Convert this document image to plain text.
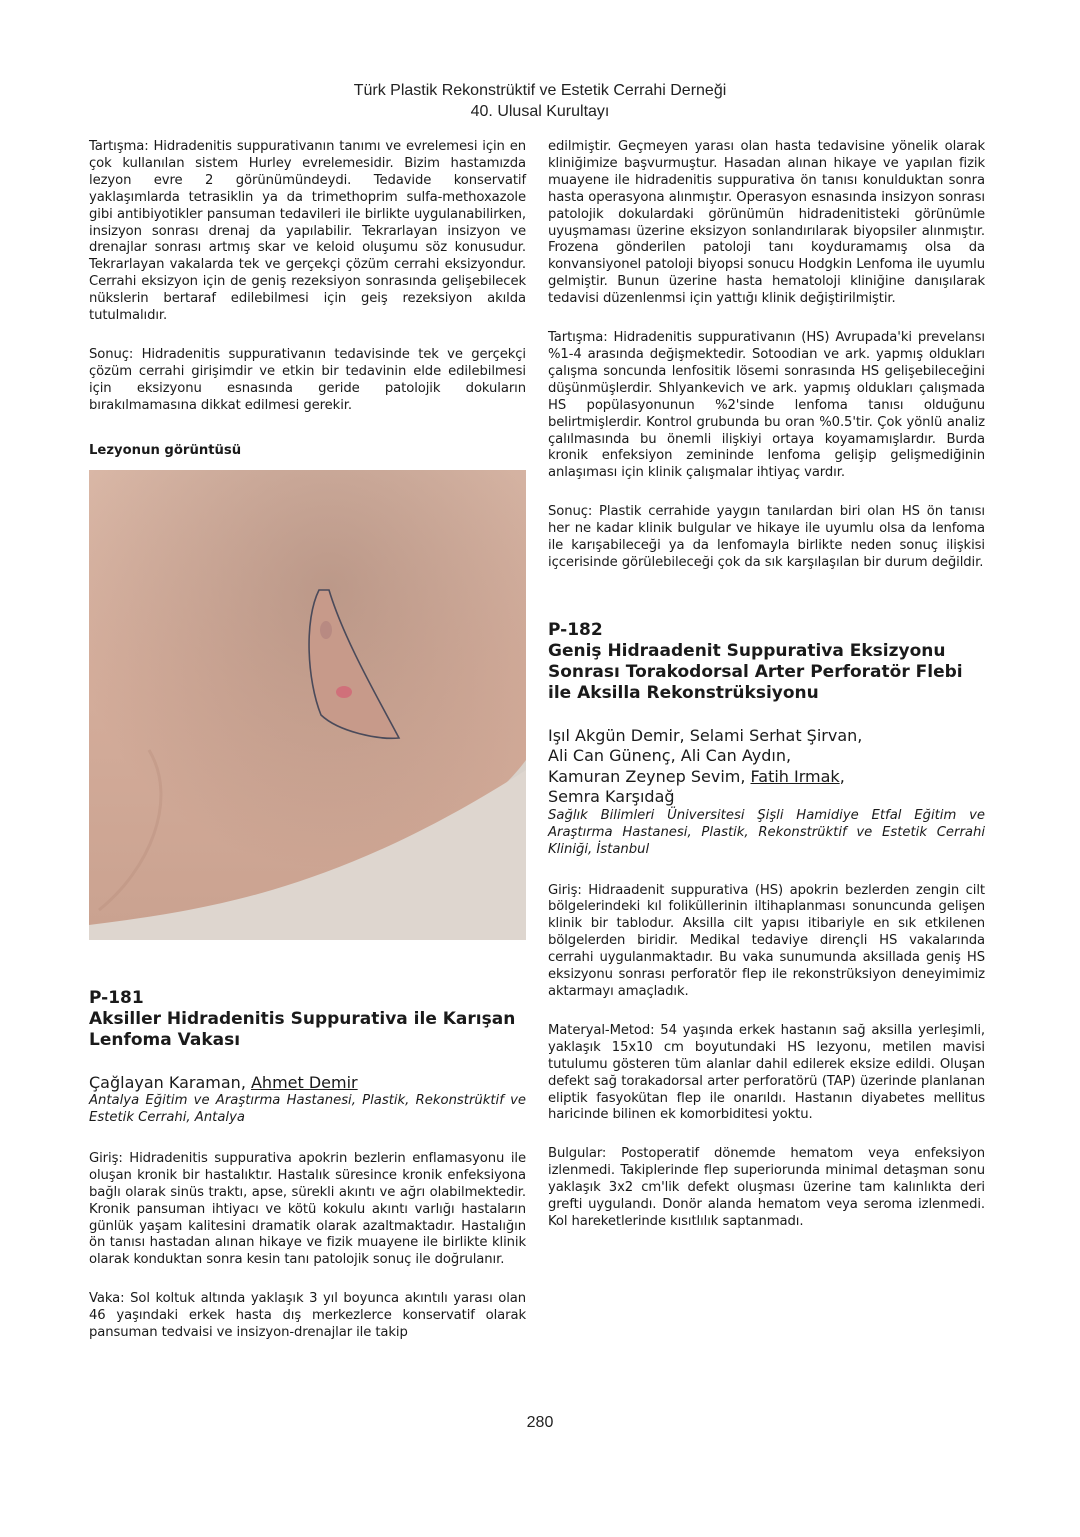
Türk Plastik Rekonstrüktif ve Estetik Cerrahi Derneği
40. Ulusal Kurultayı

Tartışma: Hidradenitis suppurativanın tanımı ve evrelemesi için en çok kullanılan sistem Hurley evrelemesidir. Bizim hastamızda lezyon evre 2 görünümündeydi. Tedavide konservatif yaklaşımlarda tetrasiklin ya da trimethoprim sulfa-methoxazole gibi antibiyotikler pansuman tedavileri ile birlikte uygulanabilirken, insizyon sonrası drenaj da yapılabilir. Tekrarlayan insizyon ve drenajlar sonrası artmış skar ve keloid oluşumu söz konusudur. Tekrarlayan vakalarda tek ve gerçekçi çözüm cerrahi eksizyondur. Cerrahi eksizyon için de geniş rezeksiyon sonrasında gelişebilecek nükslerin bertaraf edilebilmesi için geiş rezeksiyon akılda tutulmalıdır.

Sonuç: Hidradenitis suppurativanın tedavisinde tek ve gerçekçi çözüm cerrahi girişimdir ve etkin bir tedavinin elde edilebilmesi için eksizyonu esnasında geride patolojik dokuların bırakılmamasına dikkat edilmesi gerekir.

Lezyonun görüntüsü

P-181

Aksiller Hidradenitis Suppurativa ile Karışan Lenfoma Vakası

Çağlayan Karaman, Ahmet Demir

Antalya Eğitim ve Araştırma Hastanesi, Plastik, Rekonstrüktif ve Estetik Cerrahi, Antalya

Giriş: Hidradenitis suppurativa apokrin bezlerin enflamasyonu ile oluşan kronik bir hastalıktır. Hastalık süresince kronik enfeksiyona bağlı olarak sinüs traktı, apse, sürekli akıntı ve ağrı olabilmektedir. Kronik pansuman ihtiyacı ve kötü kokulu akıntı varlığı hastaların günlük yaşam kalitesini dramatik olarak azaltmaktadır. Hastalığın ön tanısı hastadan alınan hikaye ve fizik muayene ile birlikte klinik olarak konduktan sonra kesin tanı patolojik sonuç ile doğrulanır.

Vaka: Sol koltuk altında yaklaşık 3 yıl boyunca akıntılı yarası olan 46 yaşındaki erkek hasta dış merkezlerce konservatif olarak pansuman tedvaisi ve insizyon-drenajlar ile takip

edilmiştir. Geçmeyen yarası olan hasta tedavisine yönelik olarak kliniğimize başvurmuştur. Hasadan alınan hikaye ve yapılan fizik muayene ile hidradenitis suppurativa ön tanısı konulduktan sonra hasta operasyona alınmıştır. Operasyon esnasında insizyon sonrası patolojik dokulardaki görünümün hidradenitisteki görünümle uyuşmaması üzerine eksizyon sonlandırılarak biyopsiler alınmıştır. Frozena gönderilen patoloji tanı koyduramamış olsa da konvansiyonel patoloji biyopsi sonucu Hodgkin Lenfoma ile uyumlu gelmiştir. Bunun üzerine hasta hematoloji kliniğine danışılarak tedavisi düzenlenmsi için yattığı klinik değiştirilmiştir.

Tartışma: Hidradenitis suppurativanın (HS) Avrupada'ki prevelansı %1-4 arasında değişmektedir. Sotoodian ve ark. yapmış oldukları çalışma soncunda lenfositik lösemi sonrasında HS gelişebileceğini düşünmüşlerdir. Shlyankevich ve ark. yapmış oldukları çalışmada HS popülasyonunun %2'sinde lenfoma tanısı olduğunu belirtmişlerdir. Kontrol grubunda bu oran %0.5'tir. Çok yönlü analiz çalılmasında bu önemli ilişkiyi ortaya koyamamışlardır. Burda kronik enfeksiyon zemininde lenfoma gelişip gelişmediğinin anlaşıması için klinik çalışmalar ihtiyaç vardır.

Sonuç: Plastik cerrahide yaygın tanılardan biri olan HS ön tanısı her ne kadar klinik bulgular ve hikaye ile uyumlu olsa da lenfoma ile karışabileceği ya da lenfomayla birlikte neden sonuç ilişkisi içcerisinde görülebileceği çok da sık karşılaşılan bir durum değildir.

P-182

Geniş Hidraadenit Suppurativa Eksizyonu Sonrası Torakodorsal Arter Perforatör Flebi ile Aksilla Rekonstrüksiyonu

Işıl Akgün Demir, Selami Serhat Şirvan,
Ali Can Günenç, Ali Can Aydın,
Kamuran Zeynep Sevim, Fatih Irmak,
Semra Karşıdağ

Sağlık Bilimleri Üniversitesi Şişli Hamidiye Etfal Eğitim ve Araştırma Hastanesi, Plastik, Rekonstrüktif ve Estetik Cerrahi Kliniği, İstanbul

Giriş: Hidraadenit suppurativa (HS) apokrin bezlerden zengin cilt bölgelerindeki kıl foliküllerinin iltihaplanması sonuncunda gelişen klinik bir tablodur. Aksilla cilt yapısı itibariyle en sık etkilenen bölgelerden biridir. Medikal tedaviye dirençli HS vakalarında cerrahi uygulanmaktadır. Bu vaka sunumunda aksillada geniş HS eksizyonu sonrası perforatör flep ile rekonstrüksiyon deneyimimiz aktarmayı amaçladık.

Materyal-Metod: 54 yaşında erkek hastanın sağ aksilla yerleşimli, yaklaşık 15x10 cm boyutundaki HS lezyonu, metilen mavisi tutulumu gösteren tüm alanlar dahil edilerek eksize edildi. Oluşan defekt sağ torakadorsal arter perforatörü (TAP) üzerinde planlanan eliptik fasyokütan flep ile onarıldı. Hastanın diyabetes mellitus haricinde bilinen ek komorbiditesi yoktu.

Bulgular: Postoperatif dönemde hematom veya enfeksiyon izlenmedi. Takiplerinde flep superiorunda minimal detaşman sonu yaklaşık 3x2 cm'lik defekt oluşması üzerine tam kalınlıkta deri grefti uygulandı. Donör alanda hematom veya seroma izlenmedi. Kol hareketlerinde kısıtlılık saptanmadı.

280
